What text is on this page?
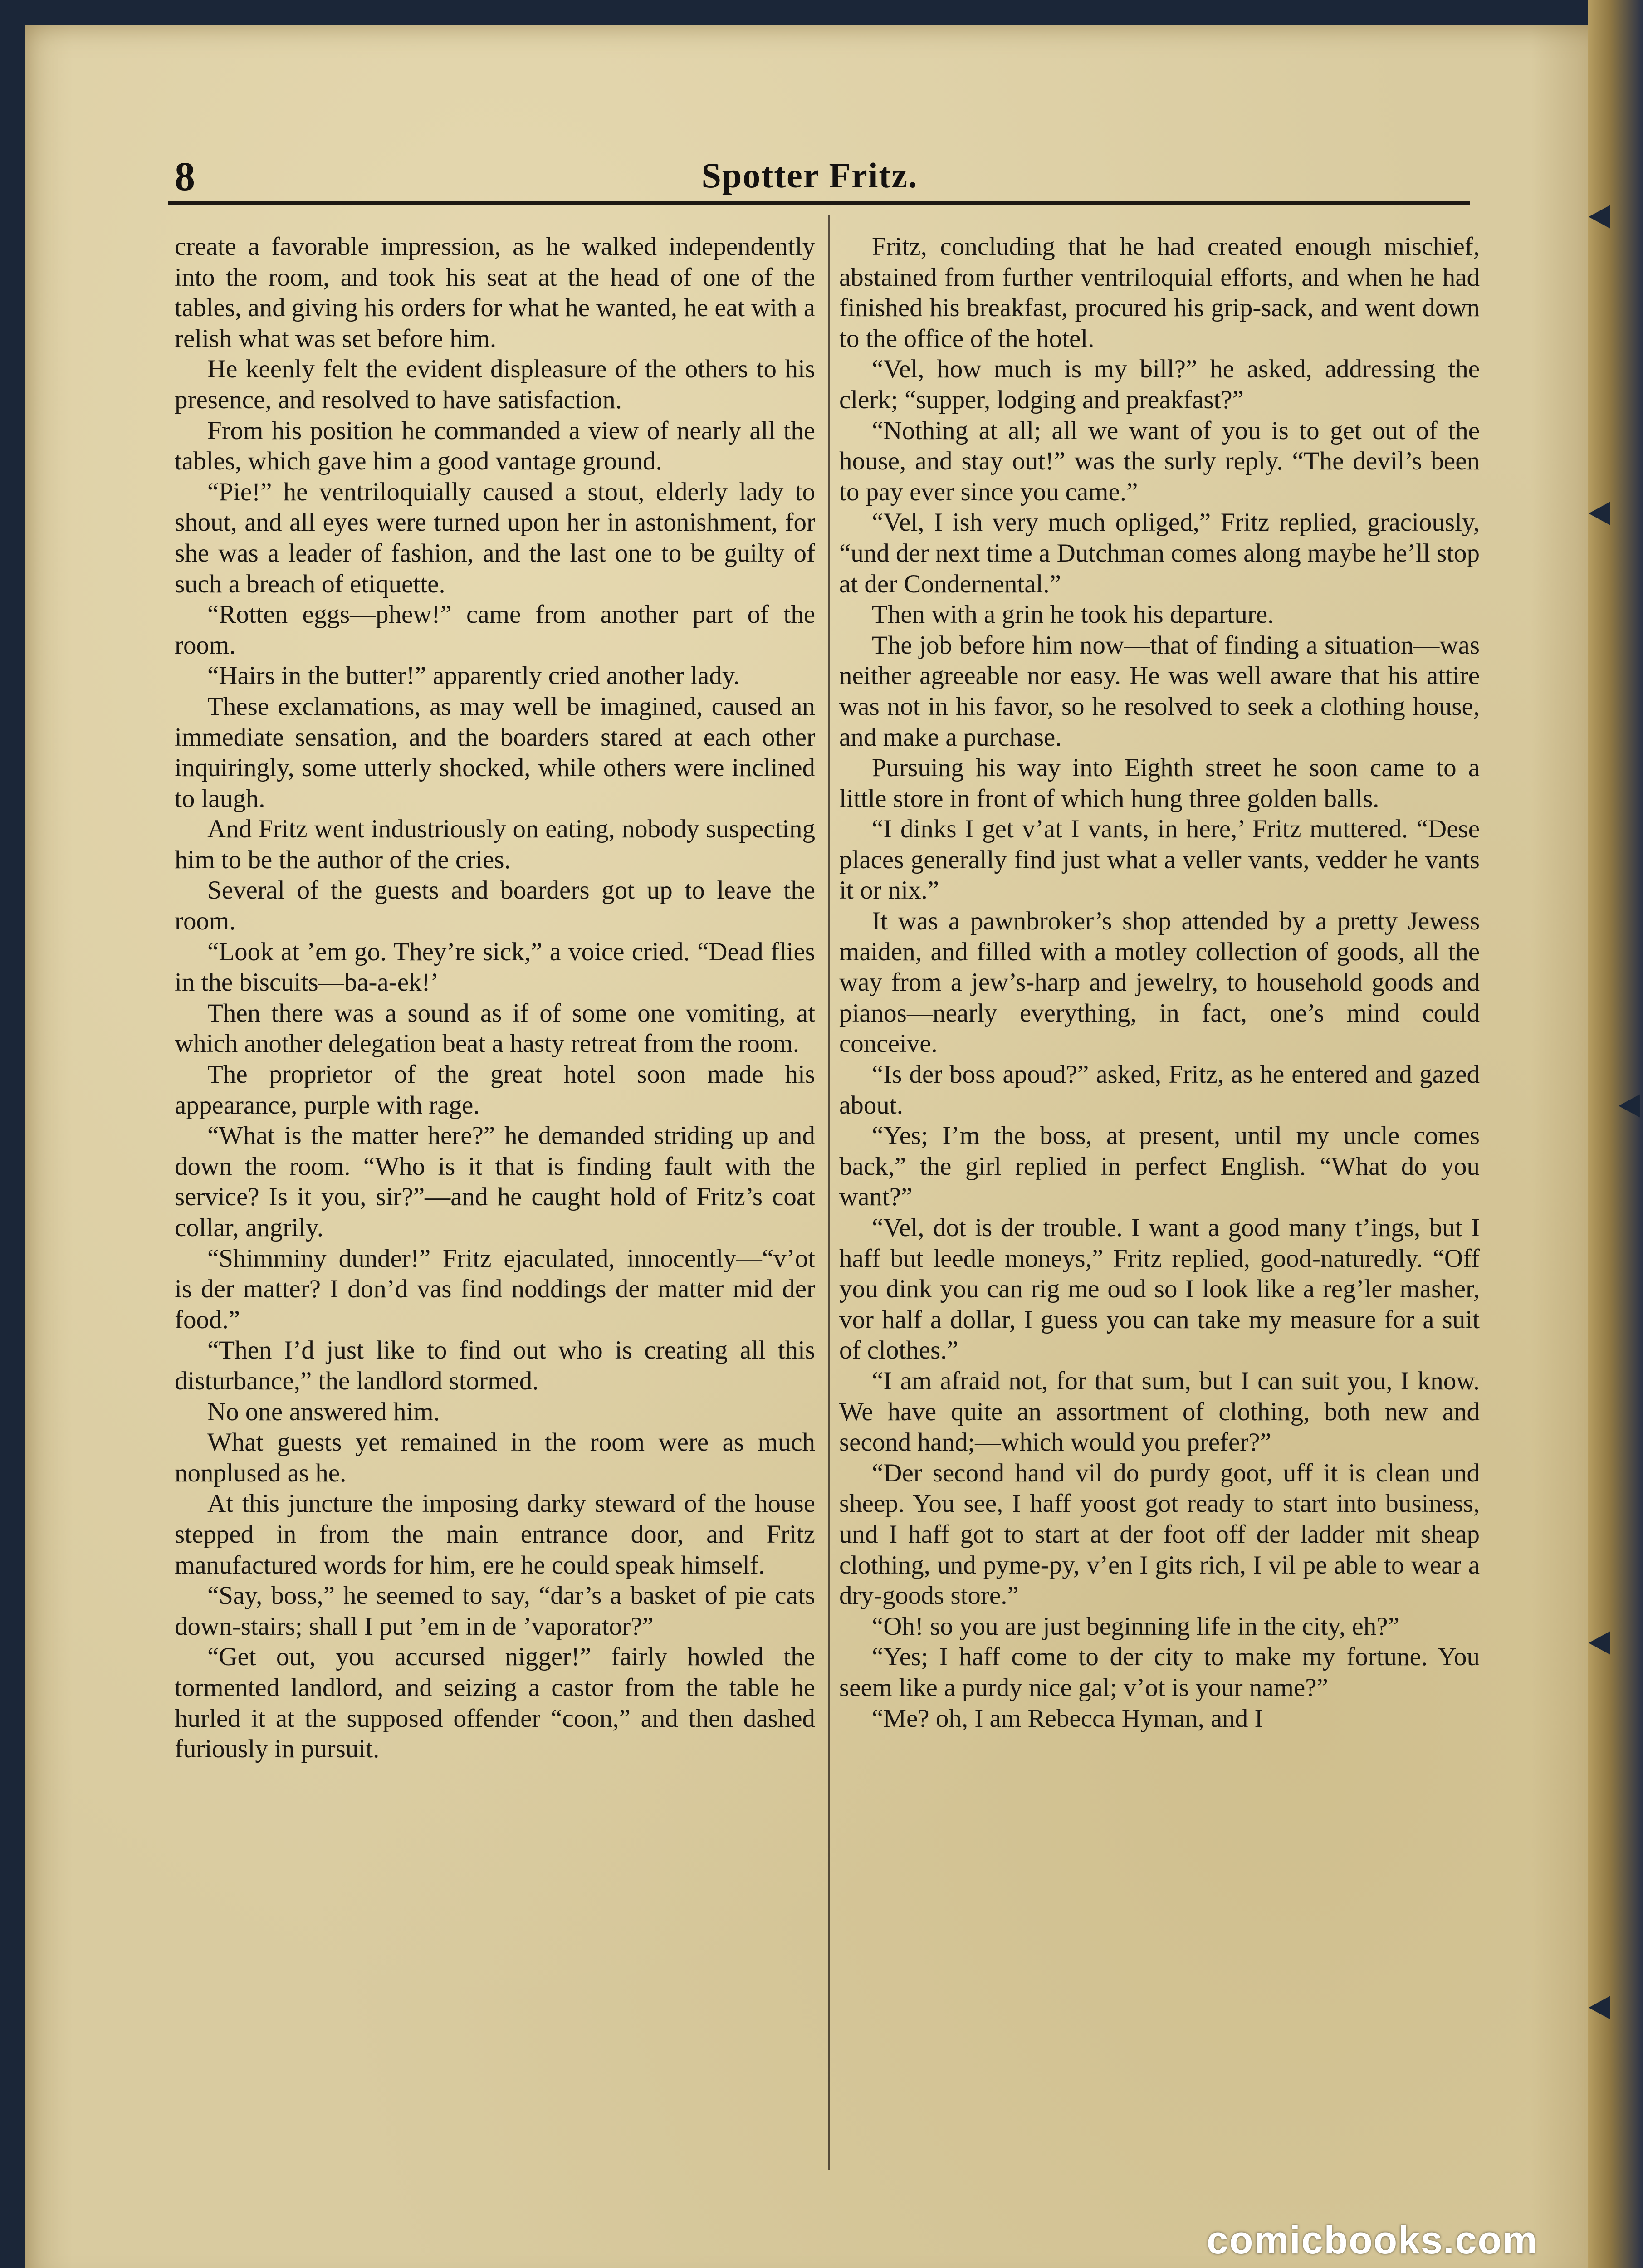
8	Spotter Fritz.

create a favorable impression, as he walked independently into the room, and took his seat at the head of one of the tables, and giving his orders for what he wanted, he eat with a relish what was set before him.

He keenly felt the evident displeasure of the others to his presence, and resolved to have satisfaction.

From his position he commanded a view of nearly all the tables, which gave him a good vantage ground.

“Pie!” he ventriloquially caused a stout, elderly lady to shout, and all eyes were turned upon her in astonishment, for she was a leader of fashion, and the last one to be guilty of such a breach of etiquette.

“Rotten eggs—phew!” came from another part of the room.

“Hairs in the butter!” apparently cried another lady.

These exclamations, as may well be imagined, caused an immediate sensation, and the boarders stared at each other inquiringly, some utterly shocked, while others were inclined to laugh.

And Fritz went industriously on eating, nobody suspecting him to be the author of the cries.

Several of the guests and boarders got up to leave the room.

“Look at ’em go. They’re sick,” a voice cried. “Dead flies in the biscuits—ba-a-ek!’

Then there was a sound as if of some one vomiting, at which another delegation beat a hasty retreat from the room.

The proprietor of the great hotel soon made his appearance, purple with rage.

“What is the matter here?” he demanded striding up and down the room. “Who is it that is finding fault with the service? Is it you, sir?”—and he caught hold of Fritz’s coat collar, angrily.

“Shimminy dunder!” Fritz ejaculated, innocently—“v’ot is der matter? I don’d vas find noddings der matter mid der food.”

“Then I’d just like to find out who is creating all this disturbance,” the landlord stormed.

No one answered him.

What guests yet remained in the room were as much nonplused as he.

At this juncture the imposing darky steward of the house stepped in from the main entrance door, and Fritz manufactured words for him, ere he could speak himself.

“Say, boss,” he seemed to say, “dar’s a basket of pie cats down-stairs; shall I put ’em in de ’vaporator?”

“Get out, you accursed nigger!” fairly howled the tormented landlord, and seizing a castor from the table he hurled it at the supposed offender “coon,” and then dashed furiously in pursuit.

Fritz, concluding that he had created enough mischief, abstained from further ventriloquial efforts, and when he had finished his breakfast, procured his grip-sack, and went down to the office of the hotel.

“Vel, how much is my bill?” he asked, addressing the clerk; “supper, lodging and preakfast?”

“Nothing at all; all we want of you is to get out of the house, and stay out!” was the surly reply. “The devil’s been to pay ever since you came.”

“Vel, I ish very much opliged,” Fritz replied, graciously, “und der next time a Dutchman comes along maybe he’ll stop at der Condernental.”

Then with a grin he took his departure.

The job before him now—that of finding a situation—was neither agreeable nor easy. He was well aware that his attire was not in his favor, so he resolved to seek a clothing house, and make a purchase.

Pursuing his way into Eighth street he soon came to a little store in front of which hung three golden balls.

“I dinks I get v’at I vants, in here,’ Fritz muttered. “Dese places generally find just what a veller vants, vedder he vants it or nix.”

It was a pawnbroker’s shop attended by a pretty Jewess maiden, and filled with a motley collection of goods, all the way from a jew’s-harp and jewelry, to household goods and pianos—nearly everything, in fact, one’s mind could conceive.

“Is der boss apoud?” asked, Fritz, as he entered and gazed about.

“Yes; I’m the boss, at present, until my uncle comes back,” the girl replied in perfect English. “What do you want?”

“Vel, dot is der trouble. I want a good many t’ings, but I haff but leedle moneys,” Fritz replied, good-naturedly. “Off you dink you can rig me oud so I look like a reg’ler masher, vor half a dollar, I guess you can take my measure for a suit of clothes.”

“I am afraid not, for that sum, but I can suit you, I know. We have quite an assortment of clothing, both new and second hand;—which would you prefer?”

“Der second hand vil do purdy goot, uff it is clean und sheep. You see, I haff yoost got ready to start into business, und I haff got to start at der foot off der ladder mit sheap clothing, und pyme-py, v’en I gits rich, I vil pe able to wear a dry-goods store.”

“Oh! so you are just beginning life in the city, eh?”

“Yes; I haff come to der city to make my fortune. You seem like a purdy nice gal; v’ot is your name?”

“Me? oh, I am Rebecca Hyman, and I

comicbooks.com
